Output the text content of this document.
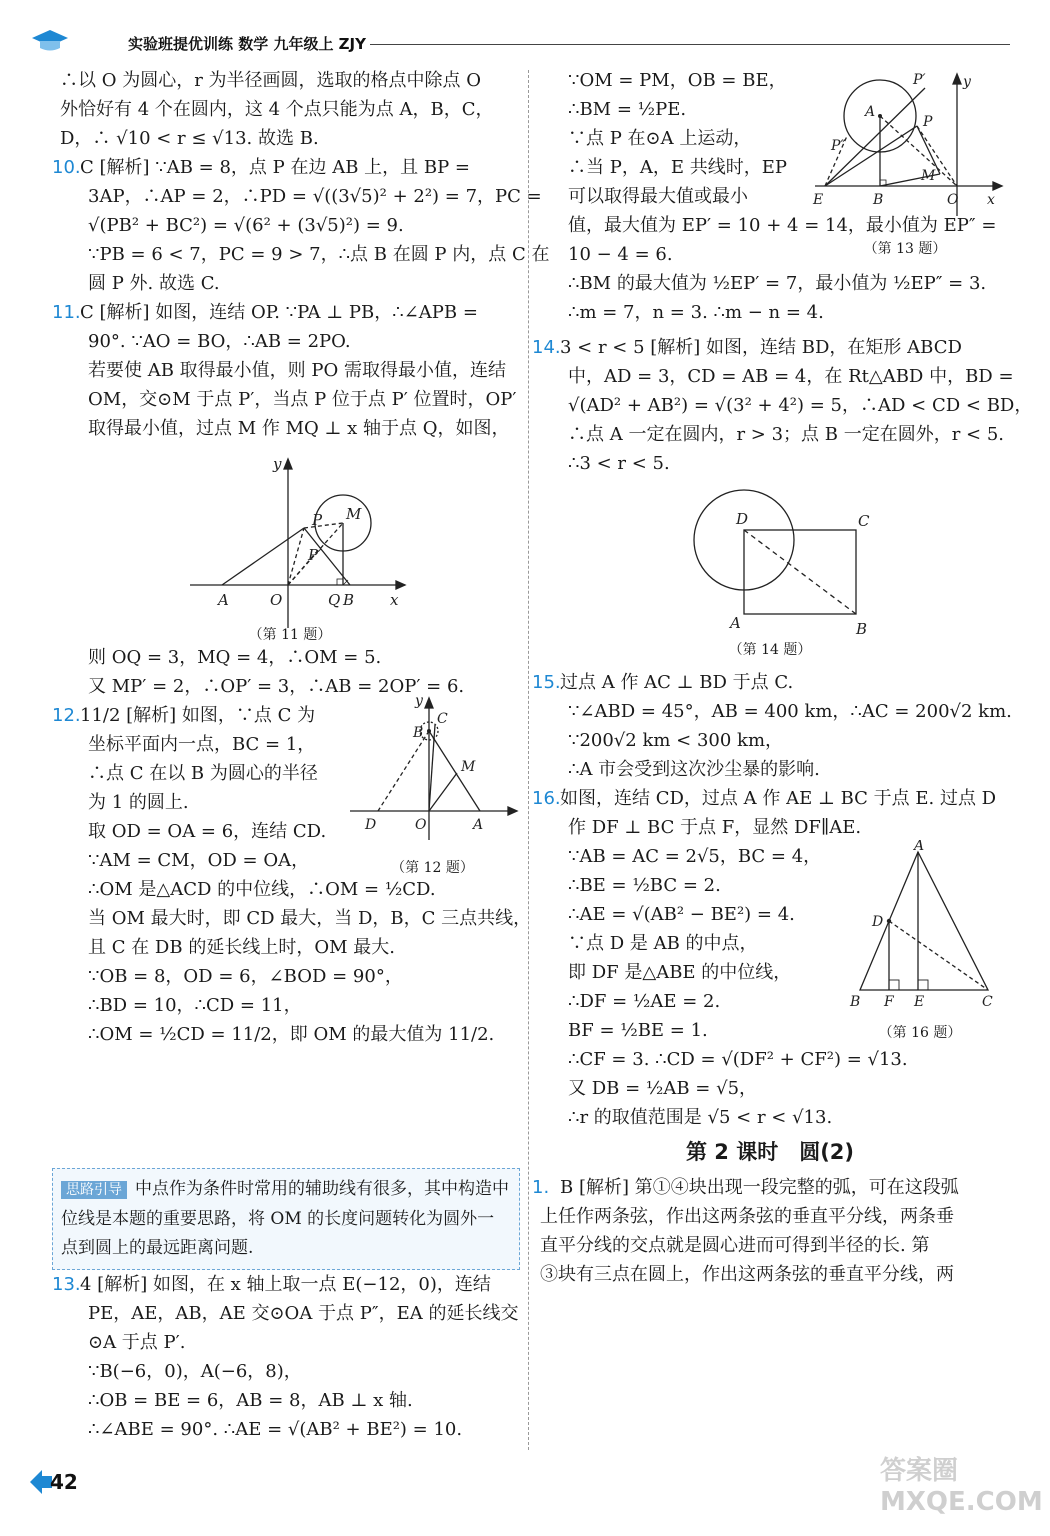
实验班提优训练 数学 九年级上 ZJY
∴以 O 为圆心，r 为半径画圆，选取的格点中除点 O
外恰好有 4 个在圆内，这 4 个点只能为点 A，B，C，
D，∴ √10 < r ≤ √13. 故选 B.
10.C [解析] ∵AB = 8，点 P 在边 AB 上，且 BP =
3AP，∴AP = 2，∴PD = √((3√5)² + 2²) = 7，PC =
√(PB² + BC²) = √(6² + (3√5)²) = 9.
∵PB = 6 < 7，PC = 9 > 7，∴点 B 在圆 P 内，点 C 在
圆 P 外. 故选 C.
11.C [解析] 如图，连结 OP. ∵PA ⊥ PB，∴∠APB =
90°. ∵AO = BO，∴AB = 2PO.
若要使 AB 取得最小值，则 PO 需取得最小值，连结
OM，交⊙M 于点 P′，当点 P 位于点 P′ 位置时，OP′
取得最小值，过点 M 作 MQ ⊥ x 轴于点 Q，如图，
y
x
P M
P′
A	O	Q B
（第 11 题）
则 OQ = 3，MQ = 4，∴OM = 5.
又 MP′ = 2，∴OP′ = 3，∴AB = 2OP′ = 6.
12.11/2 [解析] 如图，∵点 C 为
坐标平面内一点，BC = 1，
∴点 C 在以 B 为圆心的半径
为 1 的圆上.
取 OD = OA = 6，连结 CD.
∵AM = CM，OD = OA，
∴OM 是△ACD 的中位线，∴OM = ½CD.
当 OM 最大时，即 CD 最大，当 D，B，C 三点共线，
且 C 在 DB 的延长线上时，OM 最大.
∵OB = 8，OD = 6，∠BOD = 90°，
∴BD = 10，∴CD = 11，
∴OM = ½CD = 11/2，即 OM 的最大值为 11/2.
y
C
B
M
D	O	A
（第 12 题）
思路引导 中点作为条件时常用的辅助线有很多，其中构造中位线是本题的重要思路，将 OM 的长度问题转化为圆外一点到圆上的最远距离问题.
13.4 [解析] 如图，在 x 轴上取一点 E(−12，0)，连结
PE，AE，AB，AE 交⊙OA 于点 P″，EA 的延长线交
⊙A 于点 P′.
∵B(−6，0)，A(−6，8)，
∴OB = BE = 6，AB = 8，AB ⊥ x 轴.
∴∠ABE = 90°. ∴AE = √(AB² + BE²) = 10.
∵OM = PM，OB = BE，
∴BM = ½PE.
∵点 P 在⊙A 上运动，
∴当 P，A，E 共线时，EP
可以取得最大值或最小
值，最大值为 EP′ = 10 + 4 = 14，最小值为 EP″ =
10 − 4 = 6.
∴BM 的最大值为 ½EP′ = 7，最小值为 ½EP″ = 3.
∴m = 7，n = 3. ∴m − n = 4.
P′	y
A
P
P″
M
E	B	O x
（第 13 题）
14.3 < r < 5 [解析] 如图，连结 BD，在矩形 ABCD
中，AD = 3，CD = AB = 4，在 Rt△ABD 中，BD =
√(AD² + AB²) = √(3² + 4²) = 5，∴AD < CD < BD，
∴点 A 一定在圆内，r > 3；点 B 一定在圆外，r < 5.
∴3 < r < 5.
D	C
A	B
（第 14 题）
15.过点 A 作 AC ⊥ BD 于点 C.
∵∠ABD = 45°，AB = 400 km，∴AC = 200√2 km.
∵200√2 km < 300 km，
∴A 市会受到这次沙尘暴的影响.
16.如图，连结 CD，过点 A 作 AE ⊥ BC 于点 E. 过点 D
作 DF ⊥ BC 于点 F，显然 DF∥AE.
∵AB = AC = 2√5，BC = 4，
∴BE = ½BC = 2.
∴AE = √(AB² − BE²) = 4.
∵点 D 是 AB 的中点，
即 DF 是△ABE 的中位线，
∴DF = ½AE = 2.
BF = ½BE = 1.
∴CF = 3. ∴CD = √(DF² + CF²) = √13.
又 DB = ½AB = √5，
∴r 的取值范围是 √5 < r < √13.
A
D
B F E	C
（第 16 题）
第 2 课时　圆(2)
1. B [解析] 第①④块出现一段完整的弧，可在这段弧
上任作两条弦，作出这两条弦的垂直平分线，两条垂
直平分线的交点就是圆心进而可得到半径的长. 第
③块有三点在圆上，作出这两条弦的垂直平分线，两
42	答案圈 MXQE.COM
